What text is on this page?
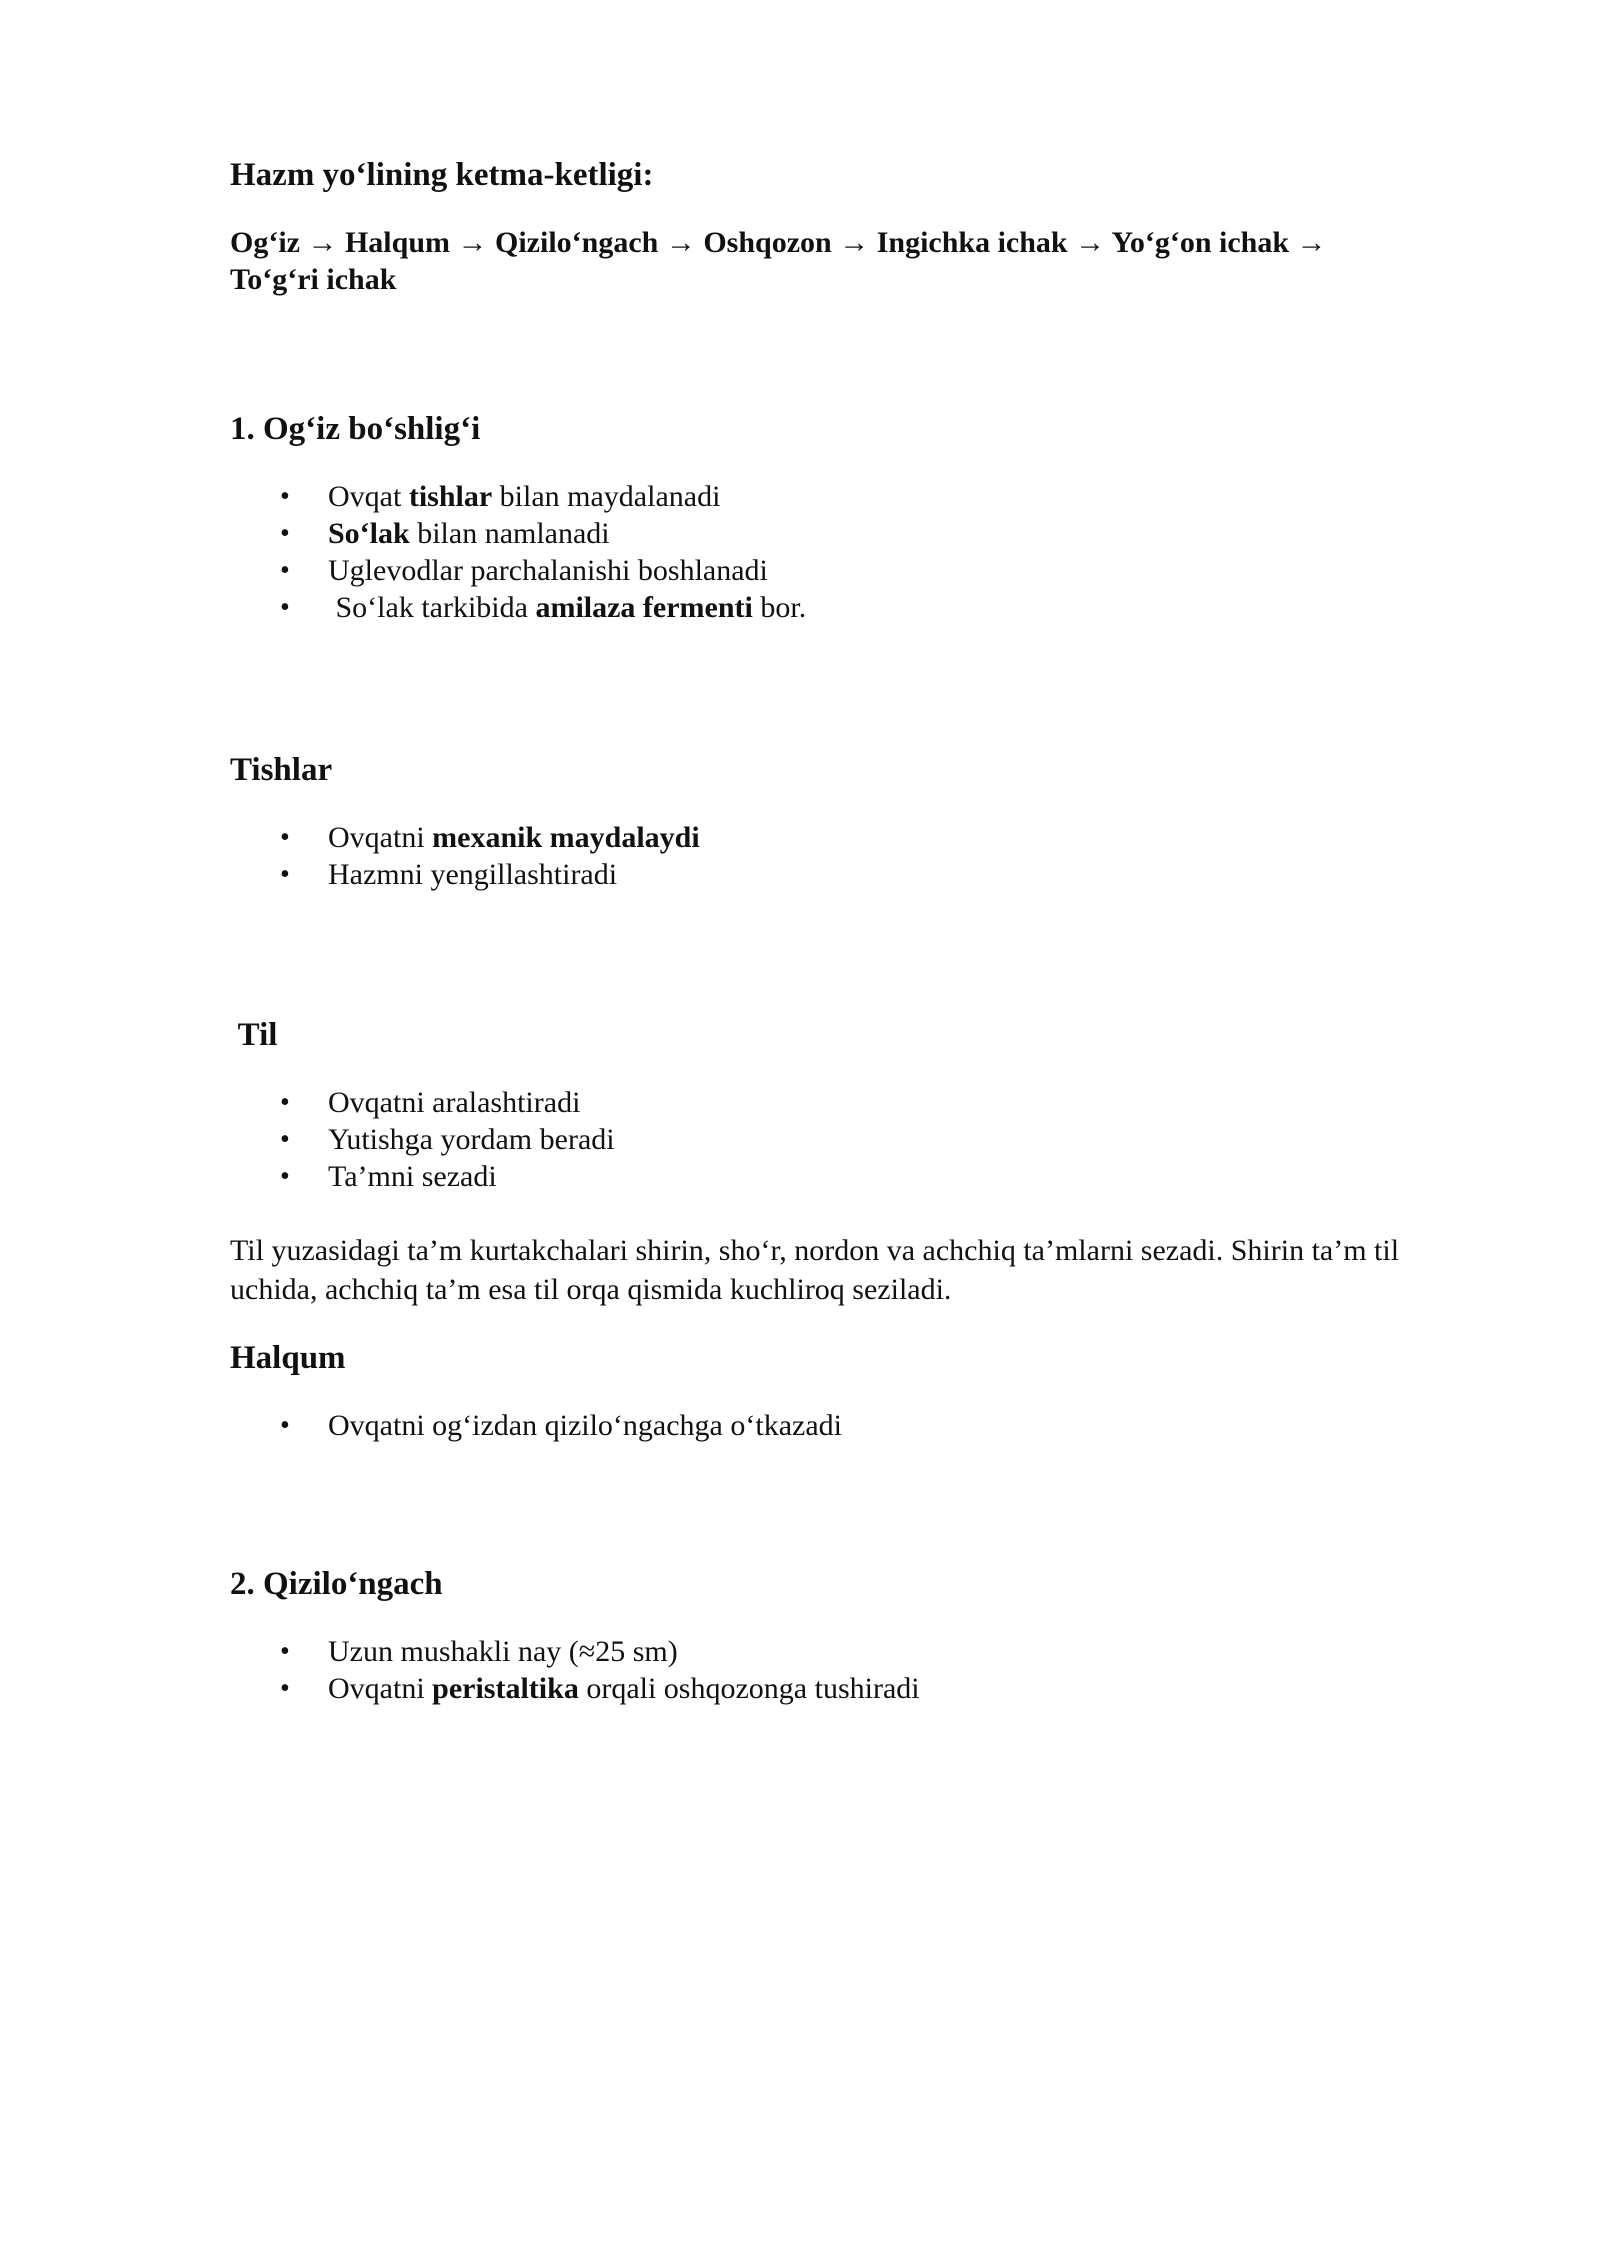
Hazm yo‘lining ketma-ketligi:
Og‘iz → Halqum → Qizilo‘ngach → Oshqozon → Ingichka ichak → Yo‘g‘on ichak →
To‘g‘ri ichak
1. Og‘iz bo‘shlig‘i
• Ovqat tishlar bilan maydalanadi
• So‘lak bilan namlanadi
• Uglevodlar parchalanishi boshlanadi
• So‘lak tarkibida amilaza fermenti bor.
Tishlar
• Ovqatni mexanik maydalaydi
• Hazmni yengillashtiradi
Til
• Ovqatni aralashtiradi
• Yutishga yordam beradi
• Ta’mni sezadi

Til yuzasidagi ta’m kurtakchalari shirin, sho‘r, nordon va achchiq ta’mlarni sezadi. Shirin ta’m til uchida, achchiq ta’m esa til orqa qismida kuchliroq seziladi.

Halqum
• Ovqatni og‘izdan qizilo‘ngachga o‘tkazadi
2. Qizilo‘ngach
• Uzun mushakli nay (≈25 sm)
• Ovqatni peristaltika orqali oshqozonga tushiradi
